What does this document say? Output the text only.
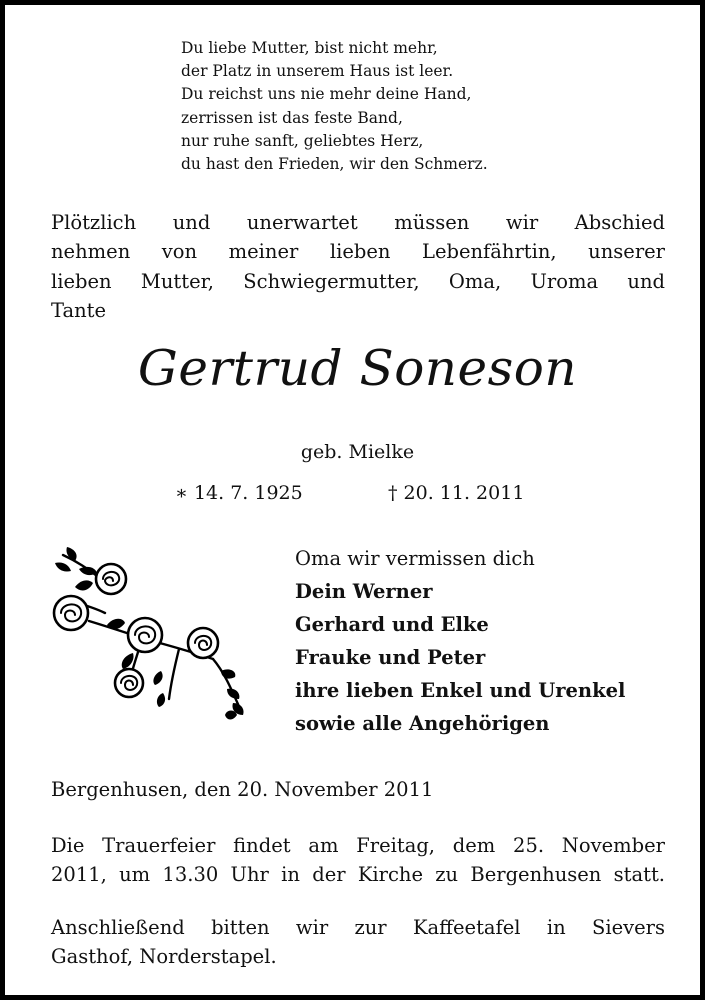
Du liebe Mutter, bist nicht mehr,
der Platz in unserem Haus ist leer.
Du reichst uns nie mehr deine Hand,
zerrissen ist das feste Band,
nur ruhe sanft, geliebtes Herz,
du hast den Frieden, wir den Schmerz.
Plötzlich und unerwartet müssen wir Abschied
nehmen von meiner lieben Lebenfährtin, unserer
lieben Mutter, Schwiegermutter, Oma, Uroma und
Tante
Gertrud Soneson
geb. Mielke
∗ 14. 7. 1925	† 20. 11. 2011
Oma wir vermissen dich
Dein Werner
Gerhard und Elke
Frauke und Peter
ihre lieben Enkel und Urenkel
sowie alle Angehörigen
Bergenhusen, den 20. November 2011
Die Trauerfeier findet am Freitag, dem 25. November
2011, um 13.30 Uhr in der Kirche zu Bergenhusen statt.
Anschließend bitten wir zur Kaffeetafel in Sievers
Gasthof, Norderstapel.
